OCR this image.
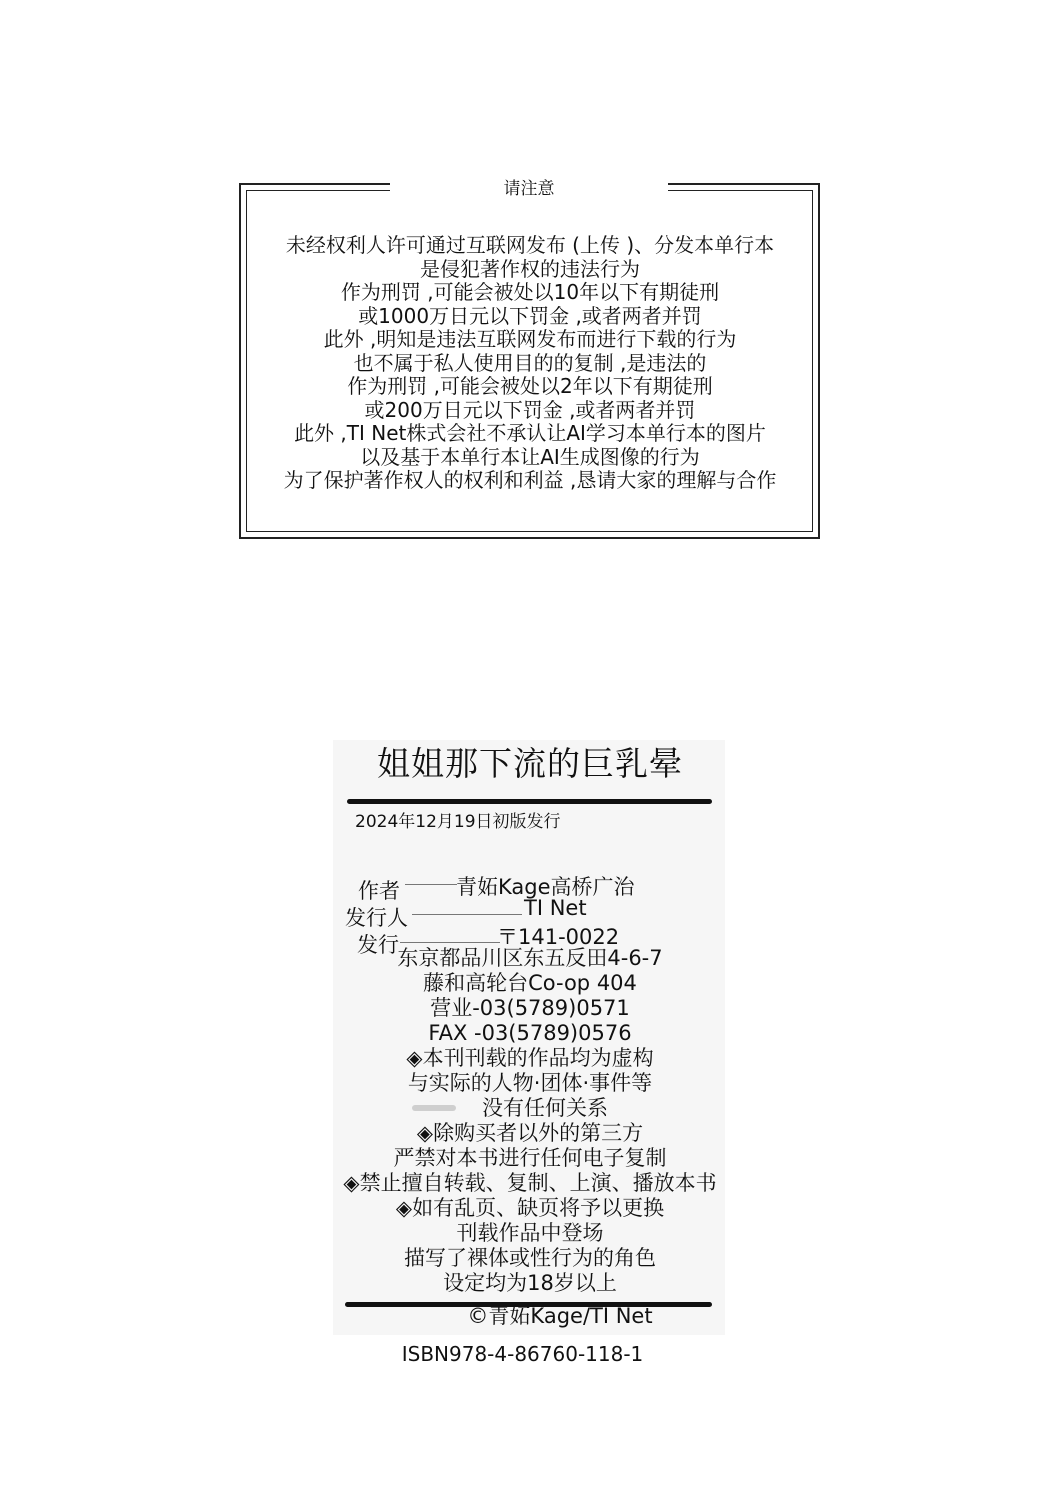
请注意
未经权利人许可通过互联网发布 (上传 )、分发本单行本
是侵犯著作权的违法行为
作为刑罚 ,可能会被处以10年以下有期徒刑
或1000万日元以下罚金 ,或者两者并罚
此外 ,明知是违法互联网发布而进行下载的行为
也不属于私人使用目的的复制 ,是违法的
作为刑罚 ,可能会被处以2年以下有期徒刑
或200万日元以下罚金 ,或者两者并罚
此外 ,TI Net株式会社不承认让AI学习本单行本的图片
以及基于本单行本让AI生成图像的行为
为了保护著作权人的权利和利益 ,恳请大家的理解与合作
姐姐那下流的巨乳晕
2024年12月19日初版发行
作者	青妬Kage高桥广治
发行人	TI Net
发行	〒141-0022
东京都品川区东五反田4-6-7
藤和高轮台Co-op 404
营业-03(5789)0571
FAX -03(5789)0576
◈本刊刊载的作品均为虚构
与实际的人物·团体·事件等
没有任何关系
◈除购买者以外的第三方
严禁对本书进行任何电子复制
◈禁止擅自转载、复制、上演、播放本书
◈如有乱页、缺页将予以更换
刊载作品中登场
描写了裸体或性行为的角色
设定均为18岁以上
©青妬Kage/TI Net
ISBN978-4-86760-118-1
